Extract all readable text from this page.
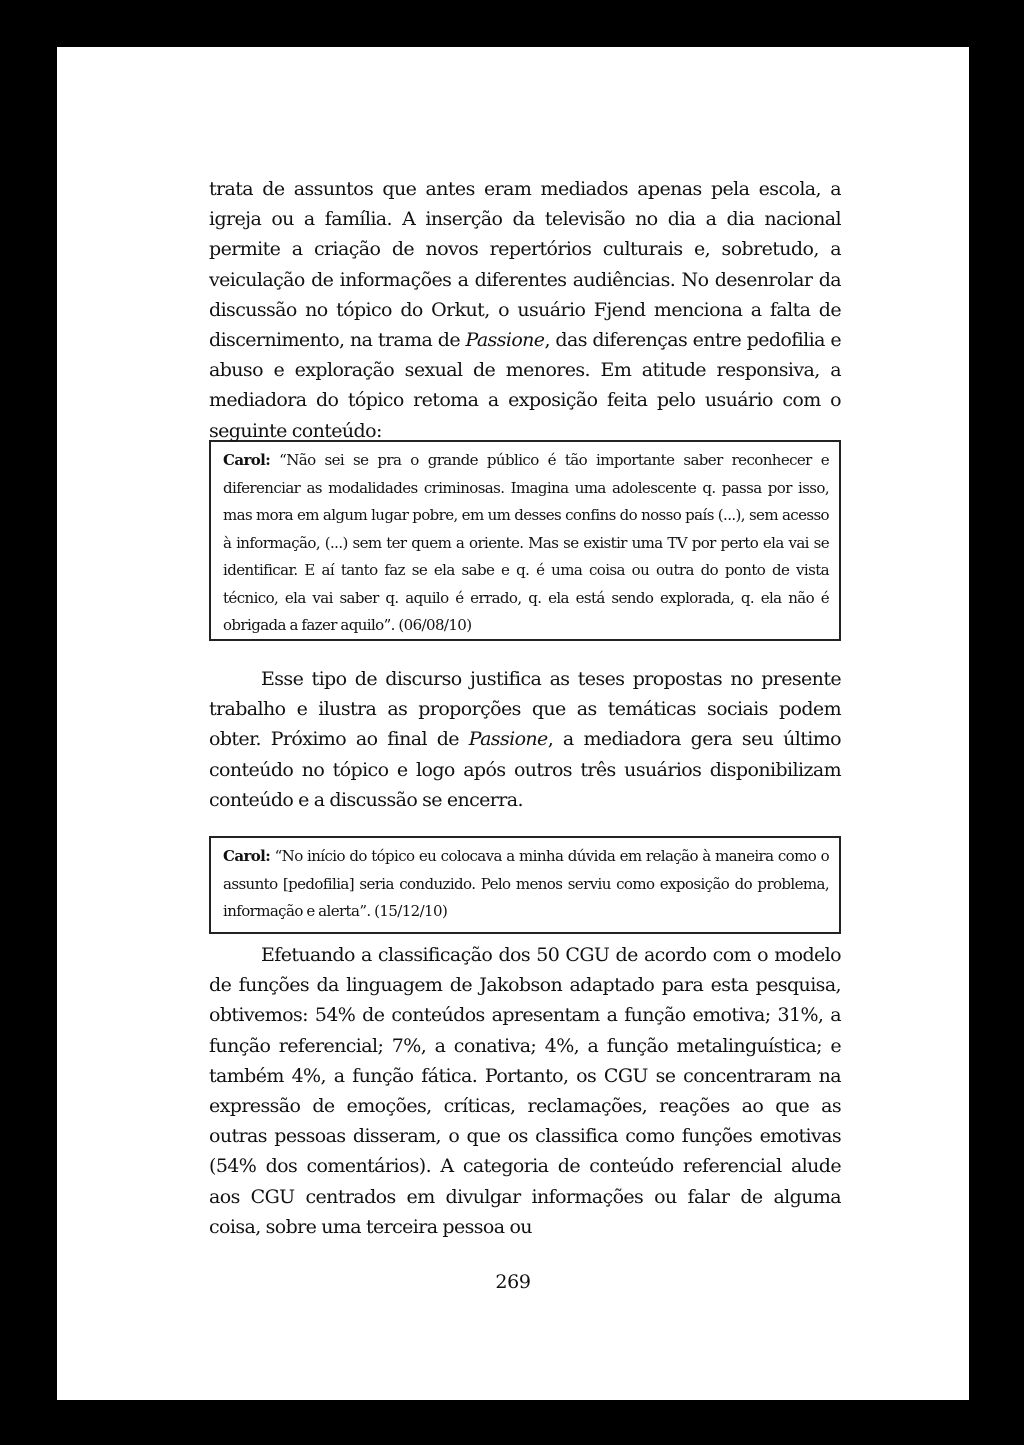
trata de assuntos que antes eram mediados apenas pela escola, a igreja ou a família. A inserção da televisão no dia a dia nacional permite a criação de novos repertórios culturais e, sobretudo, a veiculação de informações a diferentes audiências. No desenrolar da discussão no tópico do Orkut, o usuário Fjend menciona a falta de discernimento, na trama de Passione, das diferenças entre pedofilia e abuso e exploração sexual de menores. Em atitude responsiva, a mediadora do tópico retoma a exposição feita pelo usuário com o seguinte conteúdo:

Carol: “Não sei se pra o grande público é tão importante saber reconhecer e diferenciar as modalidades criminosas. Imagina uma adolescente q. passa por isso, mas mora em algum lugar pobre, em um desses confins do nosso país (...), sem acesso à informação, (...) sem ter quem a oriente. Mas se existir uma TV por perto ela vai se identificar. E aí tanto faz se ela sabe e q. é uma coisa ou outra do ponto de vista técnico, ela vai saber q. aquilo é errado, q. ela está sendo explorada, q. ela não é obrigada a fazer aquilo”. (06/08/10)

Esse tipo de discurso justifica as teses propostas no presente trabalho e ilustra as proporções que as temáticas sociais podem obter. Próximo ao final de Passione, a mediadora gera seu último conteúdo no tópico e logo após outros três usuários disponibilizam conteúdo e a discussão se encerra.

Carol: “No início do tópico eu colocava a minha dúvida em relação à maneira como o assunto [pedofilia] seria conduzido. Pelo menos serviu como exposição do problema, informação e alerta”. (15/12/10)

Efetuando a classificação dos 50 CGU de acordo com o modelo de funções da linguagem de Jakobson adaptado para esta pesquisa, obtivemos: 54% de conteúdos apresentam a função emotiva; 31%, a função referencial; 7%, a conativa; 4%, a função metalinguística; e também 4%, a função fática. Portanto, os CGU se concentraram na expressão de emoções, críticas, reclamações, reações ao que as outras pessoas disseram, o que os classifica como funções emotivas (54% dos comentários). A categoria de conteúdo referencial alude aos CGU centrados em divulgar informações ou falar de alguma coisa, sobre uma terceira pessoa ou

269
